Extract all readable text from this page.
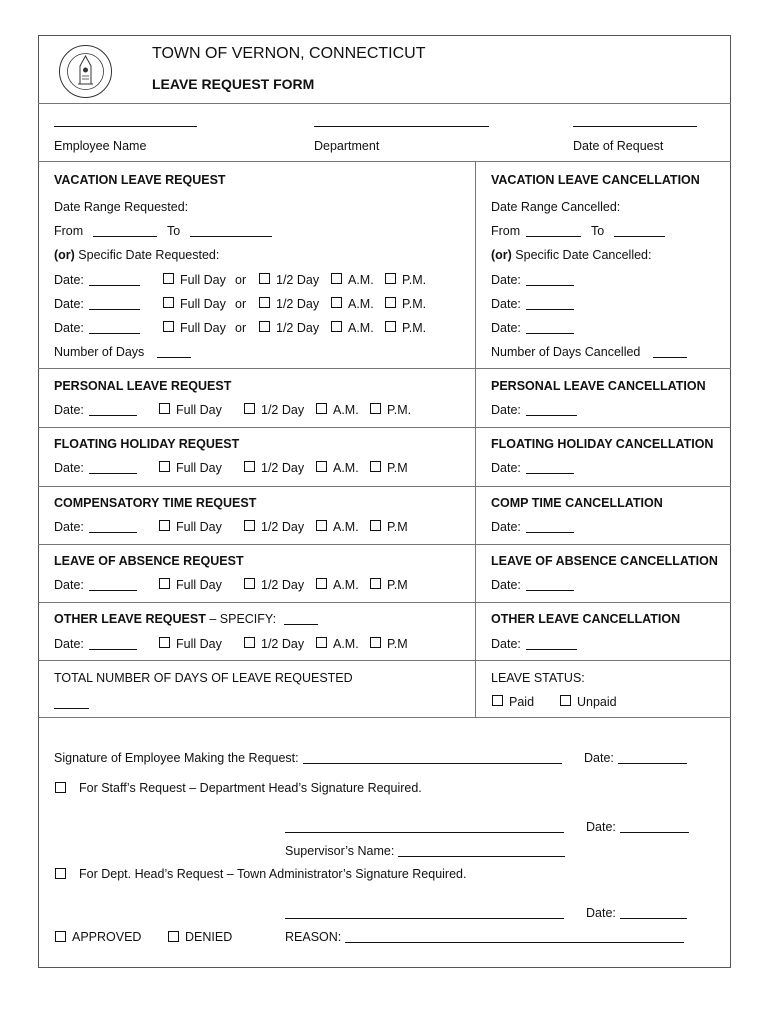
TOWN OF VERNON, CONNECTICUT
LEAVE REQUEST FORM
Employee Name	Department	Date of Request
VACATION LEAVE REQUEST
Date Range Requested:
From	To
(or) Specific Date Requested:
Date:	Full Day or 1/2 Day A.M. P.M.
Date:	Full Day or 1/2 Day A.M. P.M.
Date:	Full Day or 1/2 Day A.M. P.M.
Number of Days
VACATION LEAVE CANCELLATION
Date Range Cancelled:
From	To
(or) Specific Date Cancelled:
Date:
Date:
Date:
Number of Days Cancelled
PERSONAL LEAVE REQUEST	PERSONAL LEAVE CANCELLATION
Date:	Full Day	1/2 Day A.M. P.M.	Date:
FLOATING HOLIDAY REQUEST	FLOATING HOLIDAY CANCELLATION
Date:	Full Day	1/2 Day A.M. P.M	Date:
COMPENSATORY TIME REQUEST	COMP TIME CANCELLATION
Date:	Full Day	1/2 Day A.M. P.M	Date:
LEAVE OF ABSENCE REQUEST	LEAVE OF ABSENCE CANCELLATION
Date:	Full Day	1/2 Day A.M. P.M	Date:
OTHER LEAVE REQUEST – SPECIFY:	OTHER LEAVE CANCELLATION
Date:	Full Day	1/2 Day A.M. P.M	Date:
TOTAL NUMBER OF DAYS OF LEAVE REQUESTED	LEAVE STATUS:
Paid	Unpaid
Signature of Employee Making the Request:	Date:
For Staff’s Request – Department Head’s Signature Required.
Date:
Supervisor’s Name:
For Dept. Head’s Request – Town Administrator’s Signature Required.
Date:
APPROVED	DENIED	REASON:
